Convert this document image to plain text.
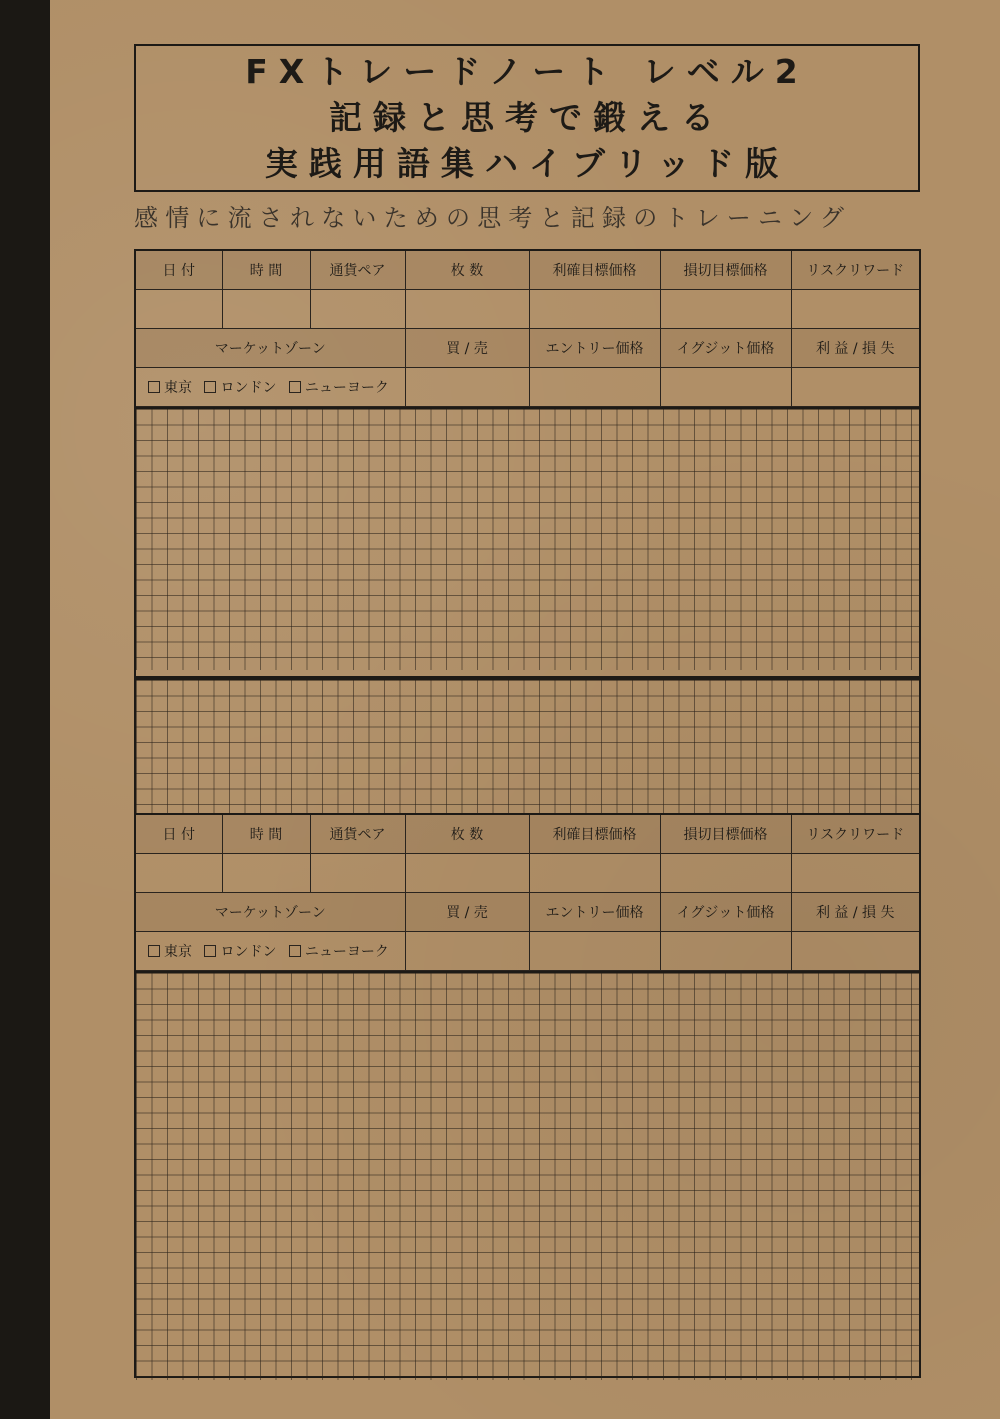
FXトレードノート レベル2
記録と思考で鍛える
実践用語集ハイブリッド版
感情に流されないための思考と記録のトレーニング
日 付	時 間	通貨ペア	枚 数	利確目標価格	損切目標価格	リスクリワード

マーケットゾーン			買 / 売	エントリー価格	イグジット価格	利 益 / 損 失
東京 ロンドン ニューヨーク						
日 付	時 間	通貨ペア	枚 数	利確目標価格	損切目標価格	リスクリワード

マーケットゾーン			買 / 売	エントリー価格	イグジット価格	利 益 / 損 失
東京 ロンドン ニューヨーク						
